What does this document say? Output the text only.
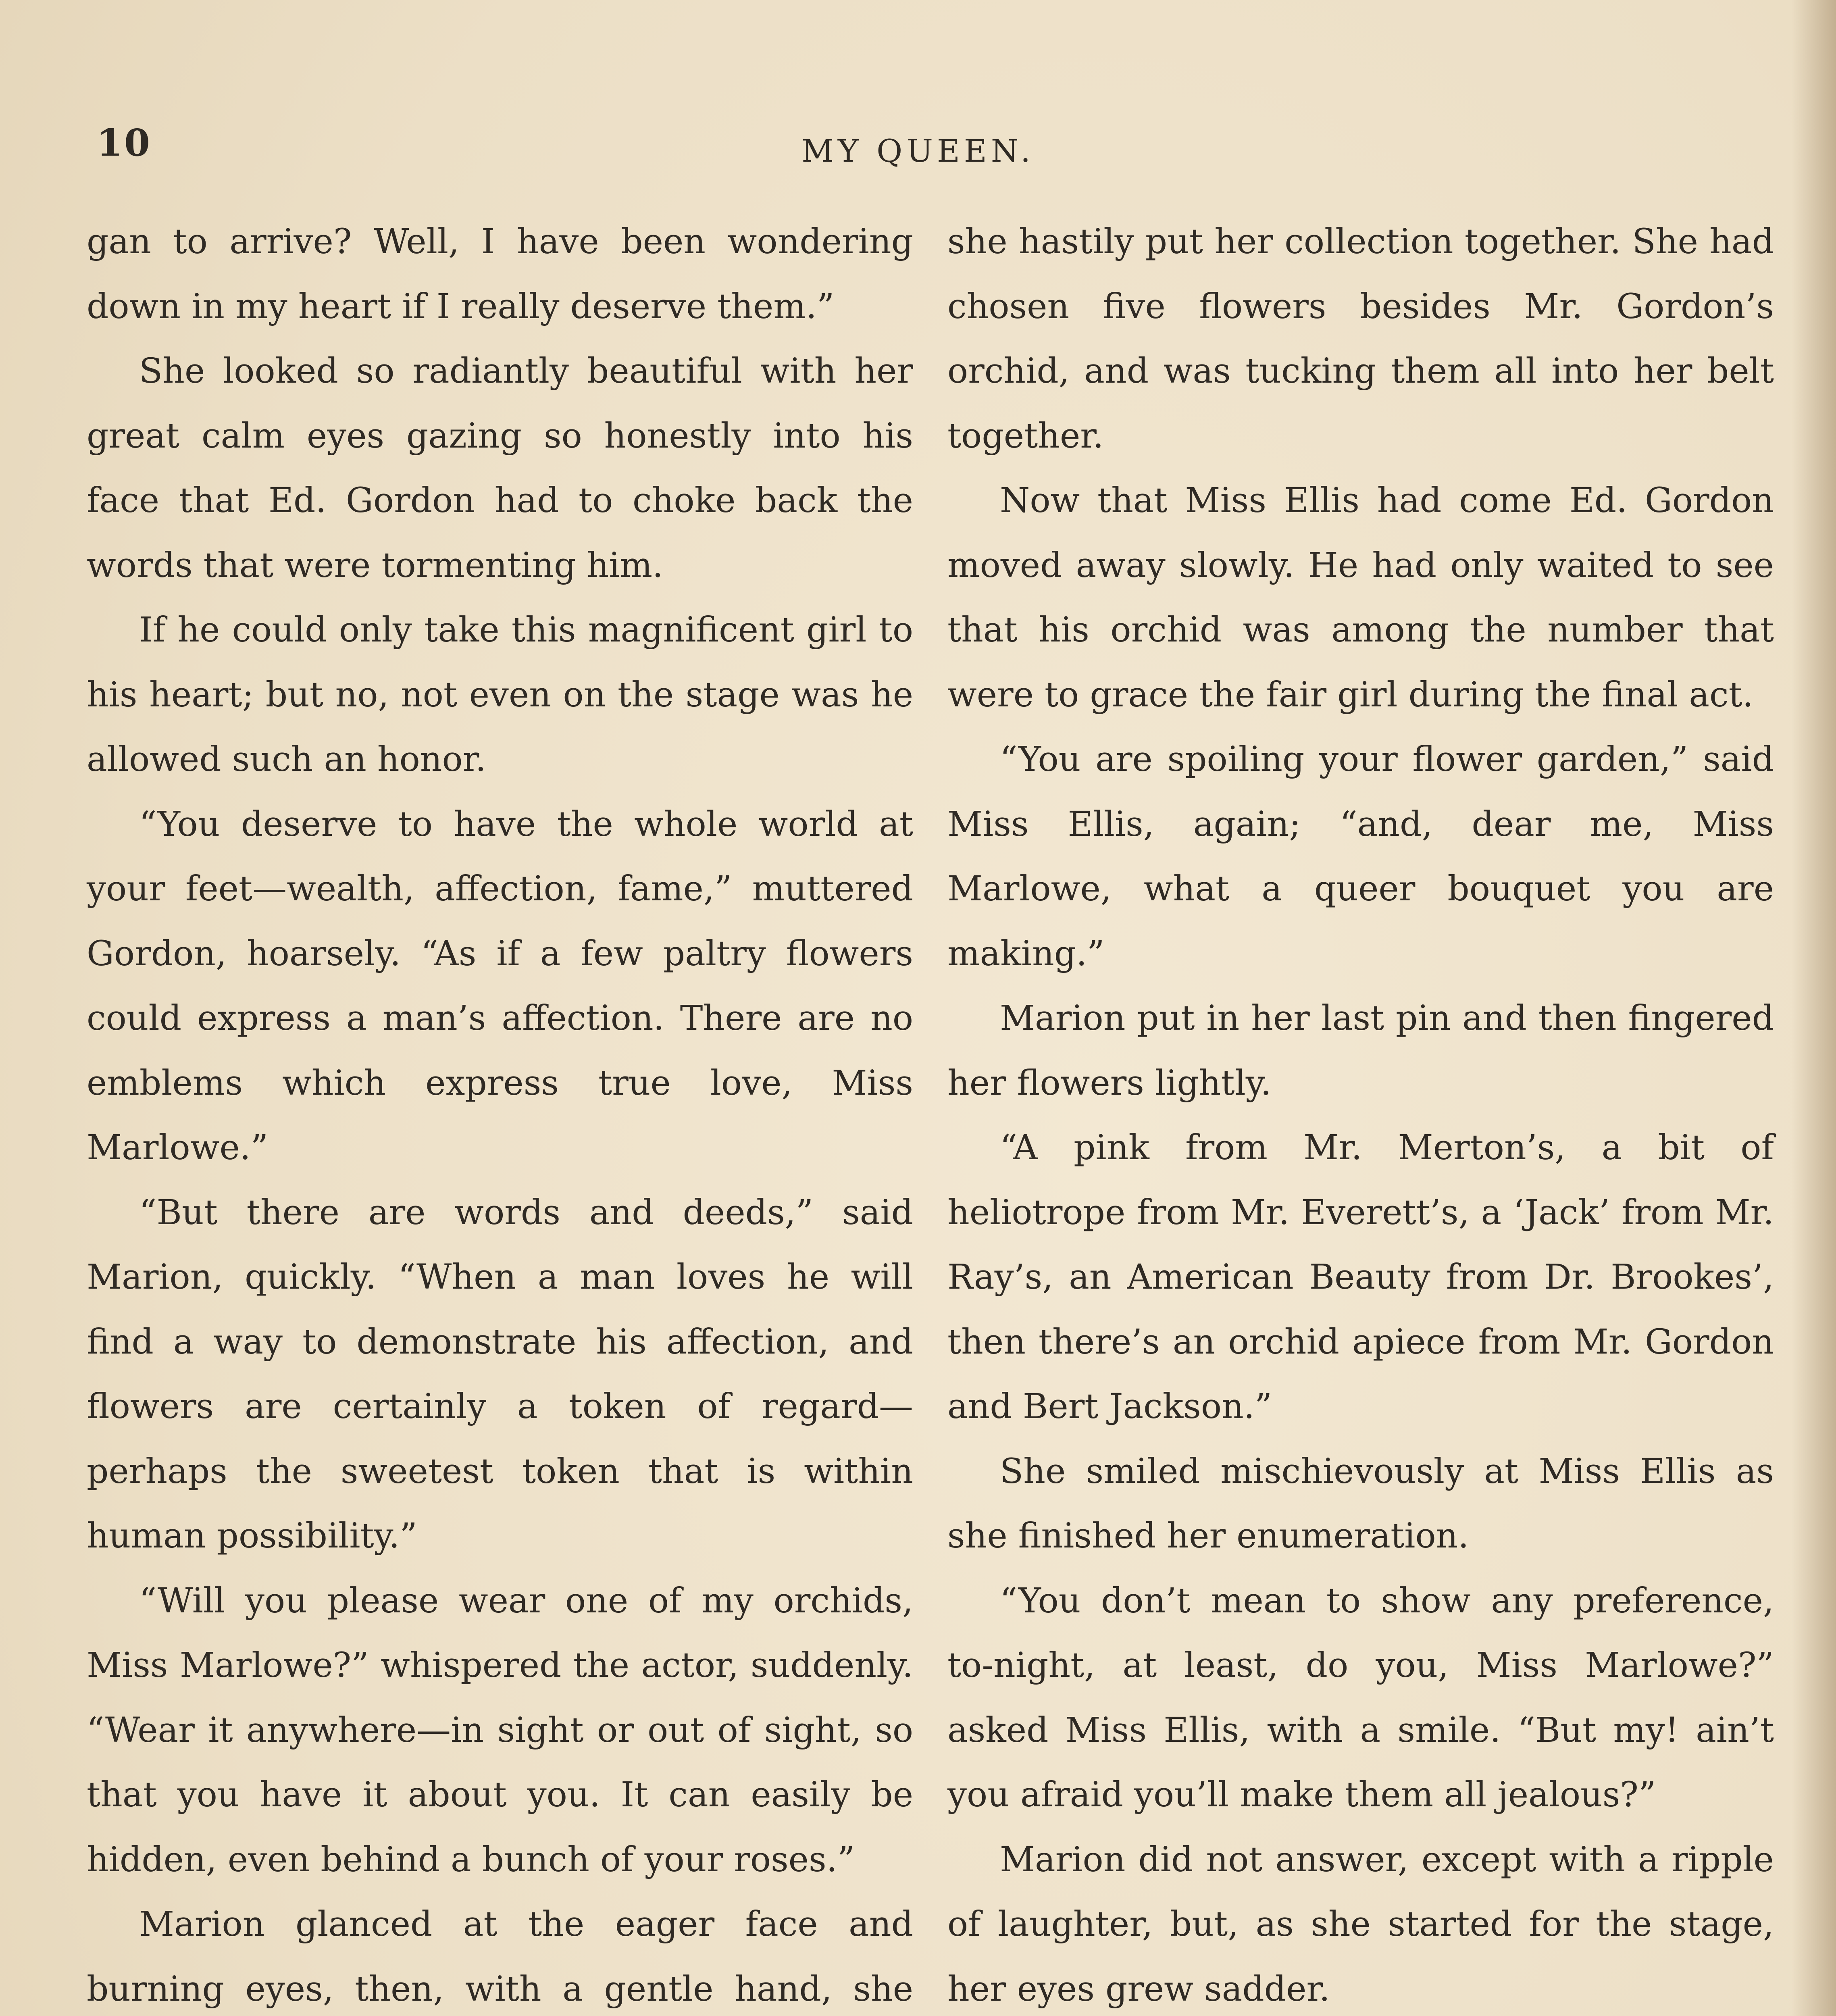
10	MY QUEEN.

gan to arrive? Well, I have been wondering down in my heart if I really deserve them.”

She looked so radiantly beautiful with her great calm eyes gazing so honestly into his face that Ed. Gordon had to choke back the words that were tormenting him.

If he could only take this magnificent girl to his heart; but no, not even on the stage was he allowed such an honor.

“You deserve to have the whole world at your feet—wealth, affection, fame,” muttered Gordon, hoarsely. “As if a few paltry flowers could express a man’s affection. There are no emblems which express true love, Miss Marlowe.”

“But there are words and deeds,” said Marion, quickly. “When a man loves he will find a way to demonstrate his affection, and flowers are certainly a token of regard—perhaps the sweetest token that is within human possibility.”

“Will you please wear one of my orchids, Miss Marlowe?” whispered the actor, suddenly. “Wear it anywhere—in sight or out of sight, so that you have it about you. It can easily be hidden, even behind a bunch of your roses.”

Marion glanced at the eager face and burning eyes, then, with a gentle hand, she

she hastily put her collection together. She had chosen five flowers besides Mr. Gordon’s orchid, and was tucking them all into her belt together.

Now that Miss Ellis had come Ed. Gordon moved away slowly. He had only waited to see that his orchid was among the number that were to grace the fair girl during the final act.

“You are spoiling your flower garden,” said Miss Ellis, again; “and, dear me, Miss Marlowe, what a queer bouquet you are making.”

Marion put in her last pin and then fingered her flowers lightly.

“A pink from Mr. Merton’s, a bit of heliotrope from Mr. Everett’s, a ‘Jack’ from Mr. Ray’s, an American Beauty from Dr. Brookes’, then there’s an orchid apiece from Mr. Gordon and Bert Jackson.”

She smiled mischievously at Miss Ellis as she finished her enumeration.

“You don’t mean to show any preference, to-night, at least, do you, Miss Marlowe?” asked Miss Ellis, with a smile. “But my! ain’t you afraid you’ll make them all jealous?”

Marion did not answer, except with a ripple of laughter, but, as she started for the stage, her eyes grew sadder.
